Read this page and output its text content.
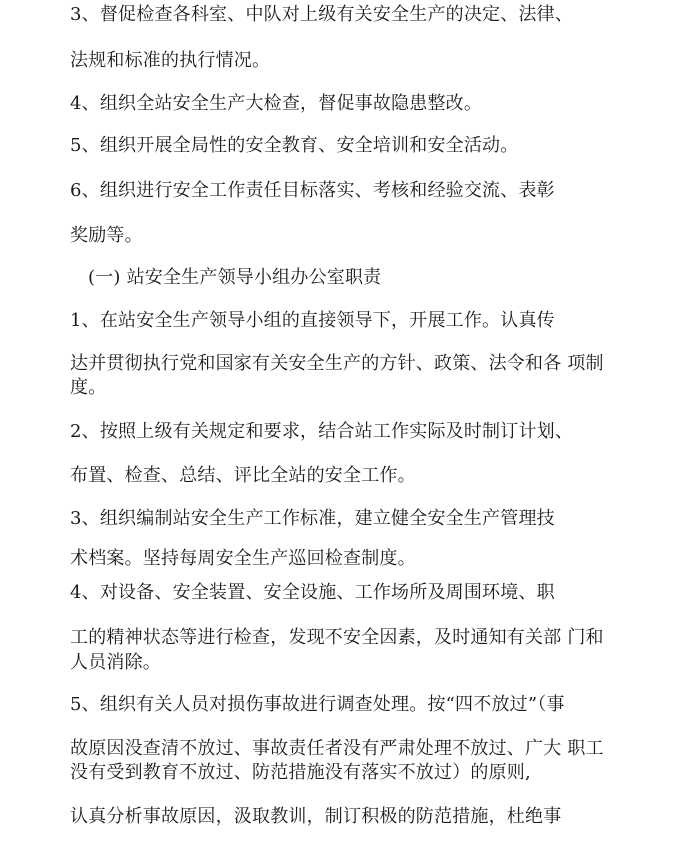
3、督促检查各科室、中队对上级有关安全生产的决定、法律、
法规和标准的执行情况。
4、组织全站安全生产大检查，督促事故隐患整改。
5、组织开展全局性的安全教育、安全培训和安全活动。
6、组织进行安全工作责任目标落实、考核和经验交流、表彰
奖励等。
(一) 站安全生产领导小组办公室职责
1、在站安全生产领导小组的直接领导下，开展工作。认真传
达并贯彻执行党和国家有关安全生产的方针、政策、法令和各 项制
度。
2、按照上级有关规定和要求，结合站工作实际及时制订计划、
布置、检查、总结、评比全站的安全工作。
3、组织编制站安全生产工作标准，建立健全安全生产管理技
术档案。坚持每周安全生产巡回检查制度。
4、对设备、安全装置、安全设施、工作场所及周围环境、职
工的精神状态等进行检查，发现不安全因素，及时通知有关部 门和
人员消除。
5、组织有关人员对损伤事故进行调查处理。按“四不放过”（事
故原因没查清不放过、事故责任者没有严肃处理不放过、广大 职工
没有受到教育不放过、防范措施没有落实不放过）的原则,
认真分析事故原因，汲取教训，制订积极的防范措施，杜绝事
